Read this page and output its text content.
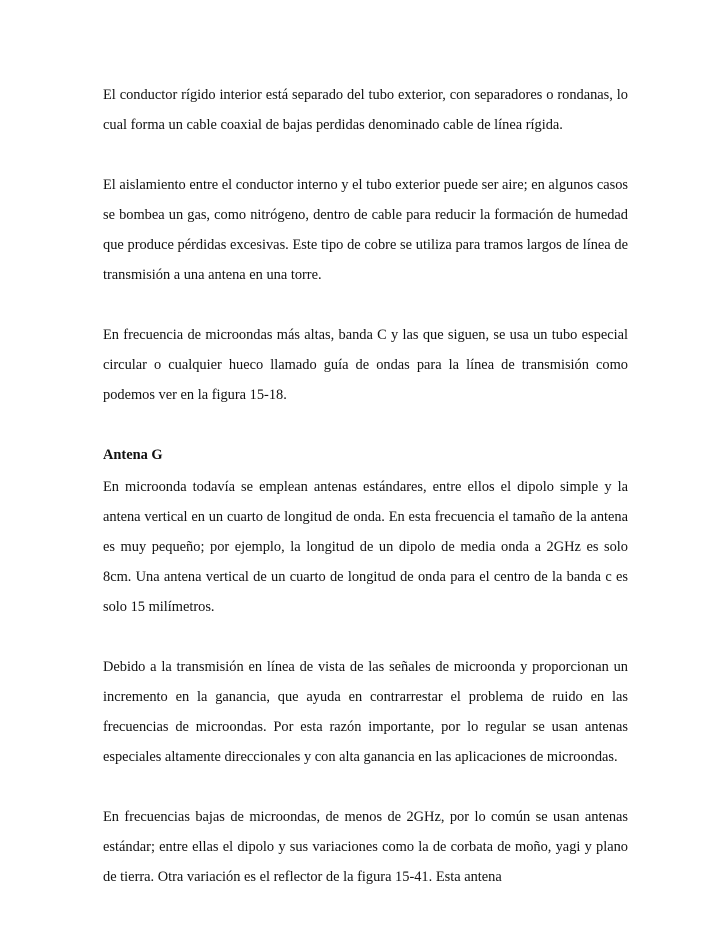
El conductor rígido interior está separado del tubo exterior, con separadores o rondanas, lo cual forma un cable coaxial de bajas perdidas denominado cable de línea rígida.

El aislamiento entre el conductor interno y el tubo exterior puede ser aire; en algunos casos se bombea un gas, como nitrógeno, dentro de cable para reducir la formación de humedad que produce pérdidas excesivas. Este tipo de cobre se utiliza para tramos largos de línea de transmisión a una antena en una torre.

En frecuencia de microondas más altas, banda C y las que siguen, se usa un tubo especial circular o cualquier hueco llamado guía de ondas para la línea de transmisión como podemos ver en la figura 15-18.

Antena G

En microonda todavía se emplean antenas estándares, entre ellos el dipolo simple y la antena vertical en un cuarto de longitud de onda. En esta frecuencia el tamaño de la antena es muy pequeño; por ejemplo, la longitud de un dipolo de media onda a 2GHz es solo 8cm. Una antena vertical de un cuarto de longitud de onda para el centro de la banda c es solo 15 milímetros.

Debido a la transmisión en línea de vista de las señales de microonda y proporcionan un incremento en la ganancia, que ayuda en contrarrestar el problema de ruido en las frecuencias de microondas. Por esta razón importante, por lo regular se usan antenas especiales altamente direccionales y con alta ganancia en las aplicaciones de microondas.

En frecuencias bajas de microondas, de menos de 2GHz, por lo común se usan antenas estándar; entre ellas el dipolo y sus variaciones como la de corbata de moño, yagi y plano de tierra. Otra variación es el reflector de la figura 15-41. Esta antena
